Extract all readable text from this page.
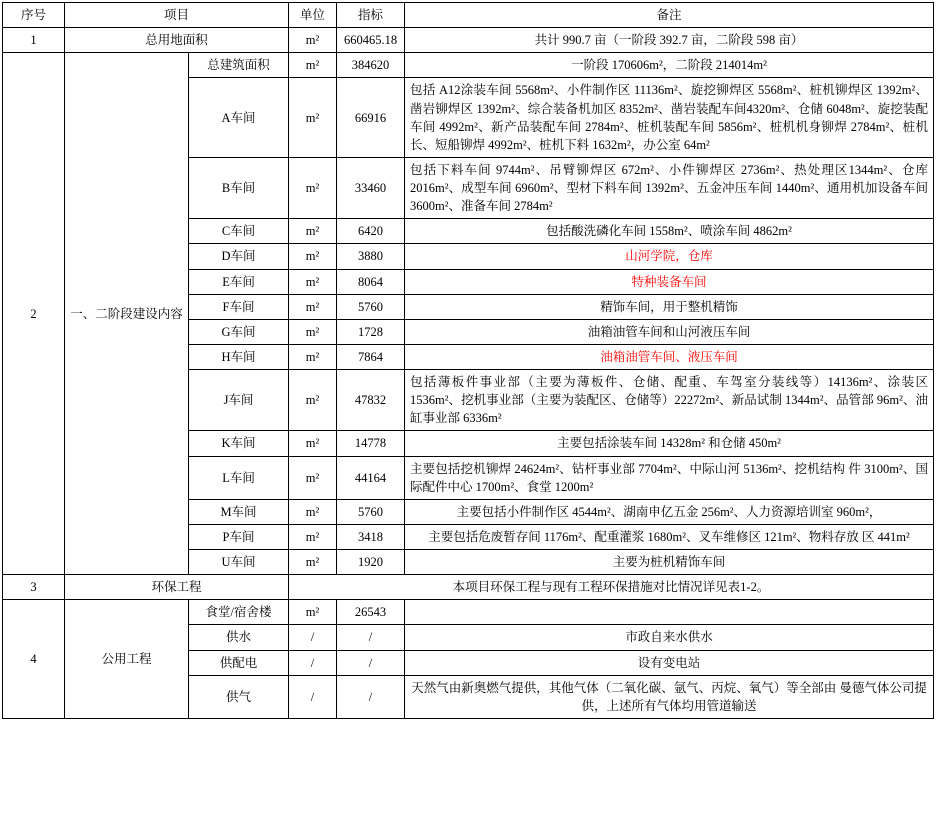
序号	项目		单位	指标	备注
1	总用地面积		m²	660465.18	共计 990.7 亩（一阶段 392.7 亩，二阶段 598 亩）
2	一、二阶段建设内容	总建筑面积	m²	384620	一阶段 170606m²，二阶段 214014m²
		A车间	m²	66916	包括 A12涂装车间 5568m²、小件制作区 11136m²、旋挖铆焊区 5568m²、桩机铆焊区 1392m²、凿岩铆焊区 1392m²、综合装备机加区 8352m²、凿岩装配车间4320m²、仓储 6048m²、旋挖装配车间 4992m²、新产品装配车间 2784m²、桩机装配车间 5856m²、桩机机身铆焊 2784m²、桩机长、短船铆焊 4992m²、桩机下料 1632m²，办公室 64m²
		B车间	m²	33460	包括下料车间 9744m²、吊臂铆焊区 672m²、小件铆焊区 2736m²、热处理区1344m²、仓库 2016m²、成型车间 6960m²、型材下料车间 1392m²、五金冲压车间 1440m²、通用机加设备车间 3600m²、准备车间 2784m²
		C车间	m²	6420	包括酸洗磷化车间 1558m²、喷涂车间 4862m²
		D车间	m²	3880	山河学院，仓库
		E车间	m²	8064	特种装备车间
		F车间	m²	5760	精饰车间，用于整机精饰
		G车间	m²	1728	油箱油管车间和山河液压车间
		H车间	m²	7864	油箱油管车间、液压车间
		J车间	m²	47832	包括薄板件事业部（主要为薄板件、仓储、配重、车驾室分装线等）14136m²、涂装区 1536m²、挖机事业部（主要为装配区、仓储等）22272m²、新品试制 1344m²、品管部 96m²、油缸事业部 6336m²
		K车间	m²	14778	主要包括涂装车间 14328m² 和仓储 450m²
		L车间	m²	44164	主要包括挖机铆焊 24624m²、钻杆事业部 7704m²、中际山河 5136m²、挖机结构 件 3100m²、国际配件中心 1700m²、食堂 1200m²
		M车间	m²	5760	主要包括小件制作区 4544m²、湖南申亿五金 256m²、人力资源培训室 960m²，
		P车间	m²	3418	主要包括危废暂存间 1176m²、配重灌浆 1680m²、叉车维修区 121m²、物料存放 区 441m²
		U车间	m²	1920	主要为桩机精饰车间
3	环保工程		本项目环保工程与现有工程环保措施对比情况详见表1-2。		
4	公用工程	食堂/宿舍楼	m²	26543	
		供水	/	/	市政自来水供水
		供配电	/	/	设有变电站
		供气	/	/	天然气由新奥燃气提供，其他气体（二氧化碳、氩气、丙烷、氧气）等全部由 曼德气体公司提供，上述所有气体均用管道输送
